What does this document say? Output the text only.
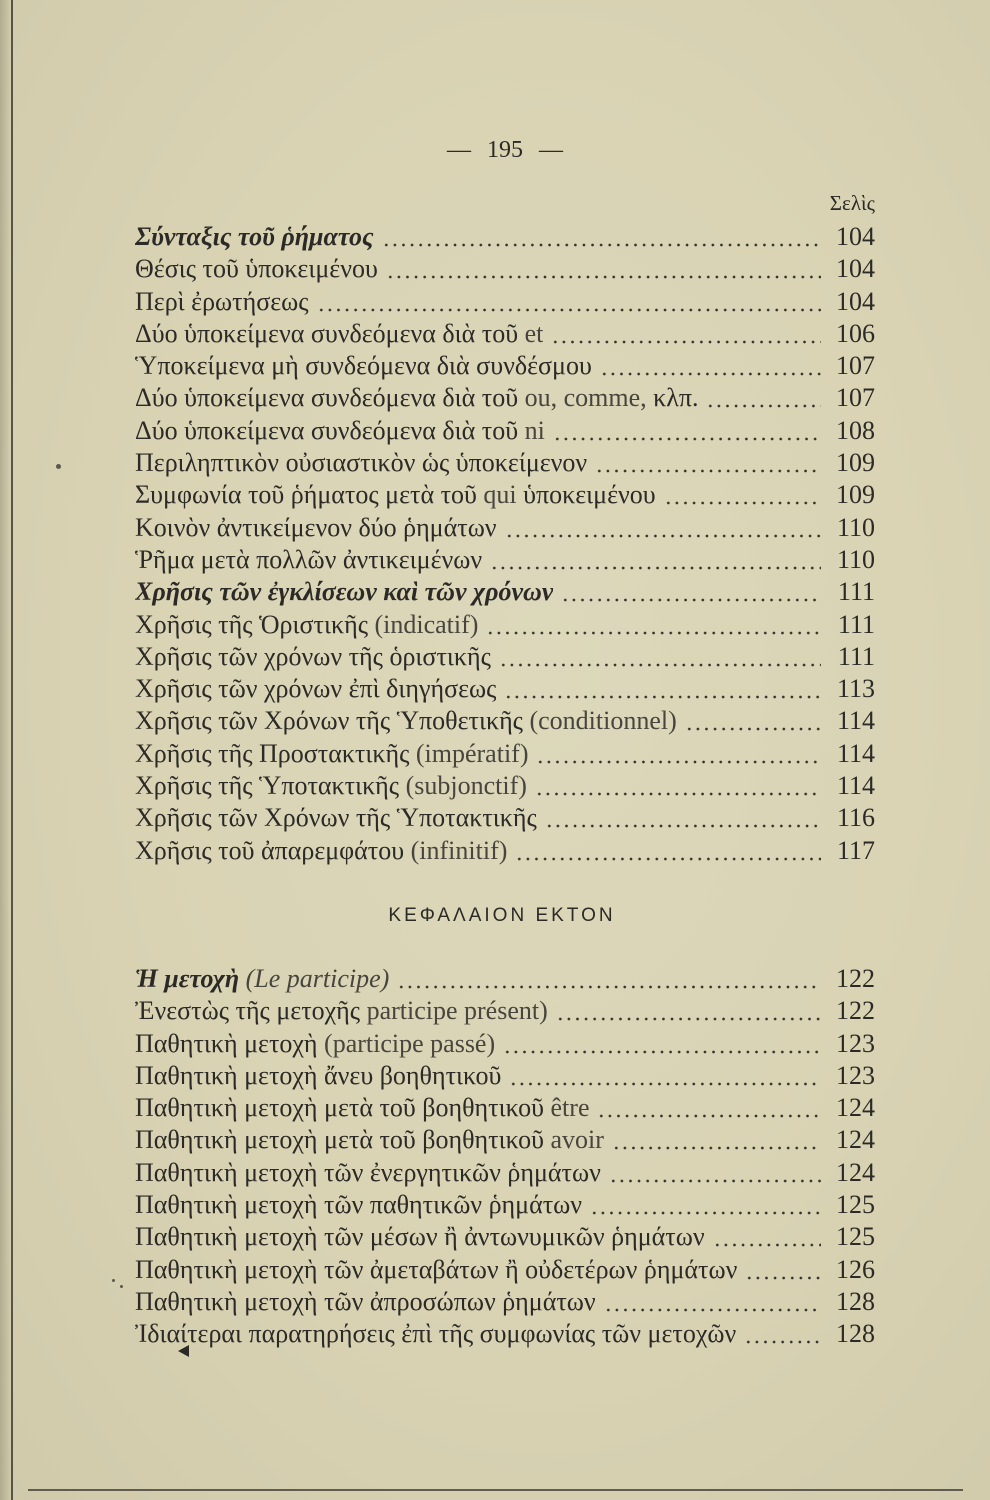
— 195 —
Σελὶς
Σύνταξις τοῦ ῥήματος	104
Θέσις τοῦ ὑποκειμένου	104
Περὶ ἐρωτήσεως	104
Δύο ὑποκείμενα συνδεόμενα διὰ τοῦ et	106
Ὑποκείμενα μὴ συνδεόμενα διὰ συνδέσμου	107
Δύο ὑποκείμενα συνδεόμενα διὰ τοῦ ou, comme, κλπ.	107
Δύο ὑποκείμενα συνδεόμενα διὰ τοῦ ni	108
Περιληπτικὸν οὐσιαστικὸν ὡς ὑποκείμενον	109
Συμφωνία τοῦ ῥήματος μετὰ τοῦ qui ὑποκειμένου	109
Κοινὸν ἀντικείμενον δύο ῥημάτων	110
Ῥῆμα μετὰ πολλῶν ἀντικειμένων	110
Χρῆσις τῶν ἐγκλίσεων καὶ τῶν χρόνων	111
Χρῆσις τῆς Ὁριστικῆς (indicatif)	111
Χρῆσις τῶν χρόνων τῆς ὁριστικῆς	111
Χρῆσις τῶν χρόνων ἐπὶ διηγήσεως	113
Χρῆσις τῶν Χρόνων τῆς Ὑποθετικῆς (conditionnel)	114
Χρῆσις τῆς Προστακτικῆς (impératif)	114
Χρῆσις τῆς Ὑποτακτικῆς (subjonctif)	114
Χρῆσις τῶν Χρόνων τῆς Ὑποτακτικῆς	116
Χρῆσις τοῦ ἀπαρεμφάτου (infinitif)	117
ΚΕΦΑΛΑΙΟΝ ΕΚΤΟΝ
Ἡ μετοχὴ (Le participe)	122
Ἐνεστὼς τῆς μετοχῆς participe présent)	122
Παθητικὴ μετοχὴ (participe passé)	123
Παθητικὴ μετοχὴ ἄνευ βοηθητικοῦ	123
Παθητικὴ μετοχὴ μετὰ τοῦ βοηθητικοῦ être	124
Παθητικὴ μετοχὴ μετὰ τοῦ βοηθητικοῦ avoir	124
Παθητικὴ μετοχὴ τῶν ἐνεργητικῶν ῥημάτων	124
Παθητικὴ μετοχὴ τῶν παθητικῶν ῥημάτων	125
Παθητικὴ μετοχὴ τῶν μέσων ἢ ἀντωνυμικῶν ῥημάτων	125
Παθητικὴ μετοχὴ τῶν ἀμεταβάτων ἢ οὐδετέρων ῥημάτων	126
Παθητικὴ μετοχὴ τῶν ἀπροσώπων ῥημάτων	128
Ἰδιαίτεραι παρατηρήσεις ἐπὶ τῆς συμφωνίας τῶν μετοχῶν	128
